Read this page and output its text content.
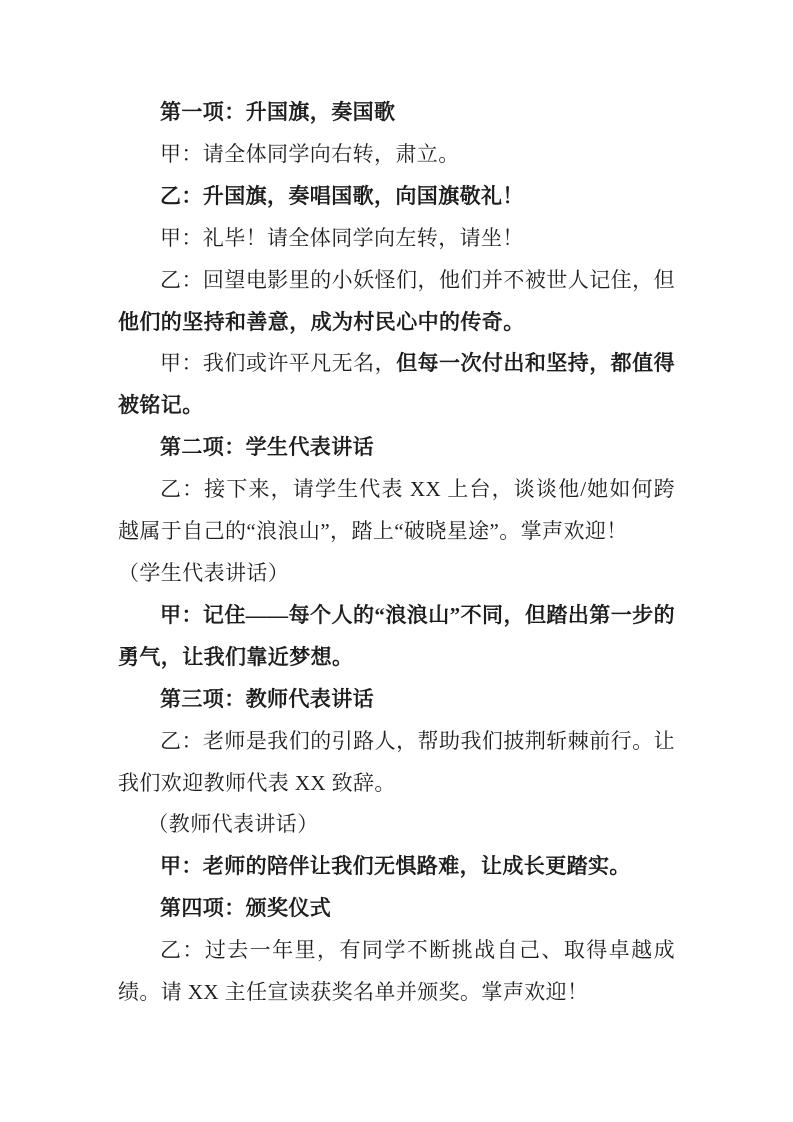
第一项：升国旗，奏国歌

甲：请全体同学向右转，肃立。

乙：升国旗，奏唱国歌，向国旗敬礼！

甲：礼毕！请全体同学向左转，请坐！

乙：回望电影里的小妖怪们，他们并不被世人记住，但他们的坚持和善意，成为村民心中的传奇。

甲：我们或许平凡无名，但每一次付出和坚持，都值得被铭记。

第二项：学生代表讲话

乙：接下来，请学生代表 XX 上台，谈谈他/她如何跨越属于自己的“浪浪山”，踏上“破晓星途”。掌声欢迎！

（学生代表讲话）

甲：记住——每个人的“浪浪山”不同，但踏出第一步的勇气，让我们靠近梦想。

第三项：教师代表讲话

乙：老师是我们的引路人，帮助我们披荆斩棘前行。让我们欢迎教师代表 XX 致辞。

（教师代表讲话）

甲：老师的陪伴让我们无惧路难，让成长更踏实。

第四项：颁奖仪式

乙：过去一年里，有同学不断挑战自己、取得卓越成绩。请 XX 主任宣读获奖名单并颁奖。掌声欢迎！
